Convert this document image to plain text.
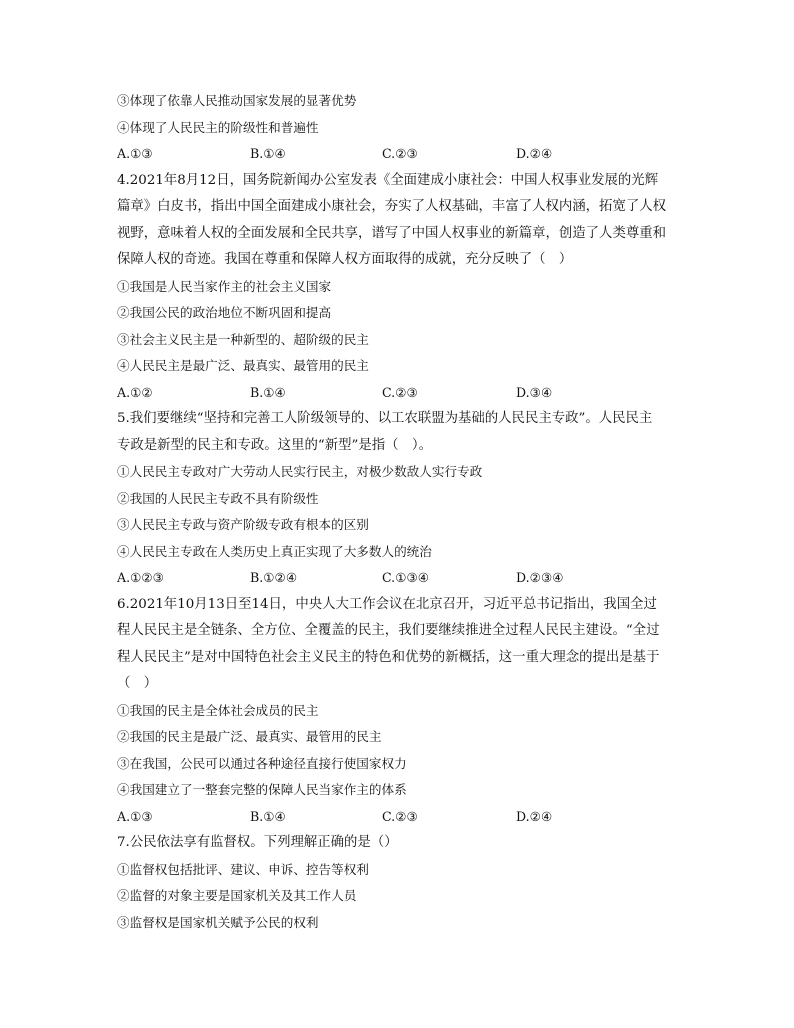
③体现了依靠人民推动国家发展的显著优势
④体现了人民民主的阶级性和普遍性
A.①③	B.①④	C.②③	D.②④
4.2021年8月12日，国务院新闻办公室发表《全面建成小康社会：中国人权事业发展的光辉
篇章》白皮书，指出中国全面建成小康社会，夯实了人权基础，丰富了人权内涵，拓宽了人权
视野，意味着人权的全面发展和全民共享，谱写了中国人权事业的新篇章，创造了人类尊重和
保障人权的奇迹。我国在尊重和保障人权方面取得的成就，充分反映了（　）
①我国是人民当家作主的社会主义国家
②我国公民的政治地位不断巩固和提高
③社会主义民主是一种新型的、超阶级的民主
④人民民主是最广泛、最真实、最管用的民主
A.①②	B.①④	C.②③	D.③④
5.我们要继续“坚持和完善工人阶级领导的、以工农联盟为基础的人民民主专政”。人民民主
专政是新型的民主和专政。这里的“新型”是指（　）。
①人民民主专政对广大劳动人民实行民主，对极少数敌人实行专政
②我国的人民民主专政不具有阶级性
③人民民主专政与资产阶级专政有根本的区别
④人民民主专政在人类历史上真正实现了大多数人的统治
A.①②③	B.①②④	C.①③④	D.②③④
6.2021年10月13日至14日，中央人大工作会议在北京召开，习近平总书记指出，我国全过
程人民民主是全链条、全方位、全覆盖的民主，我们要继续推进全过程人民民主建设。“全过
程人民民主”是对中国特色社会主义民主的特色和优势的新概括，这一重大理念的提出是基于
（　）
①我国的民主是全体社会成员的民主
②我国的民主是最广泛、最真实、最管用的民主
③在我国，公民可以通过各种途径直接行使国家权力
④我国建立了一整套完整的保障人民当家作主的体系
A.①③	B.①④	C.②③	D.②④
7.公民依法享有监督权。下列理解正确的是（）
①监督权包括批评、建议、申诉、控告等权利
②监督的对象主要是国家机关及其工作人员
③监督权是国家机关赋予公民的权利
